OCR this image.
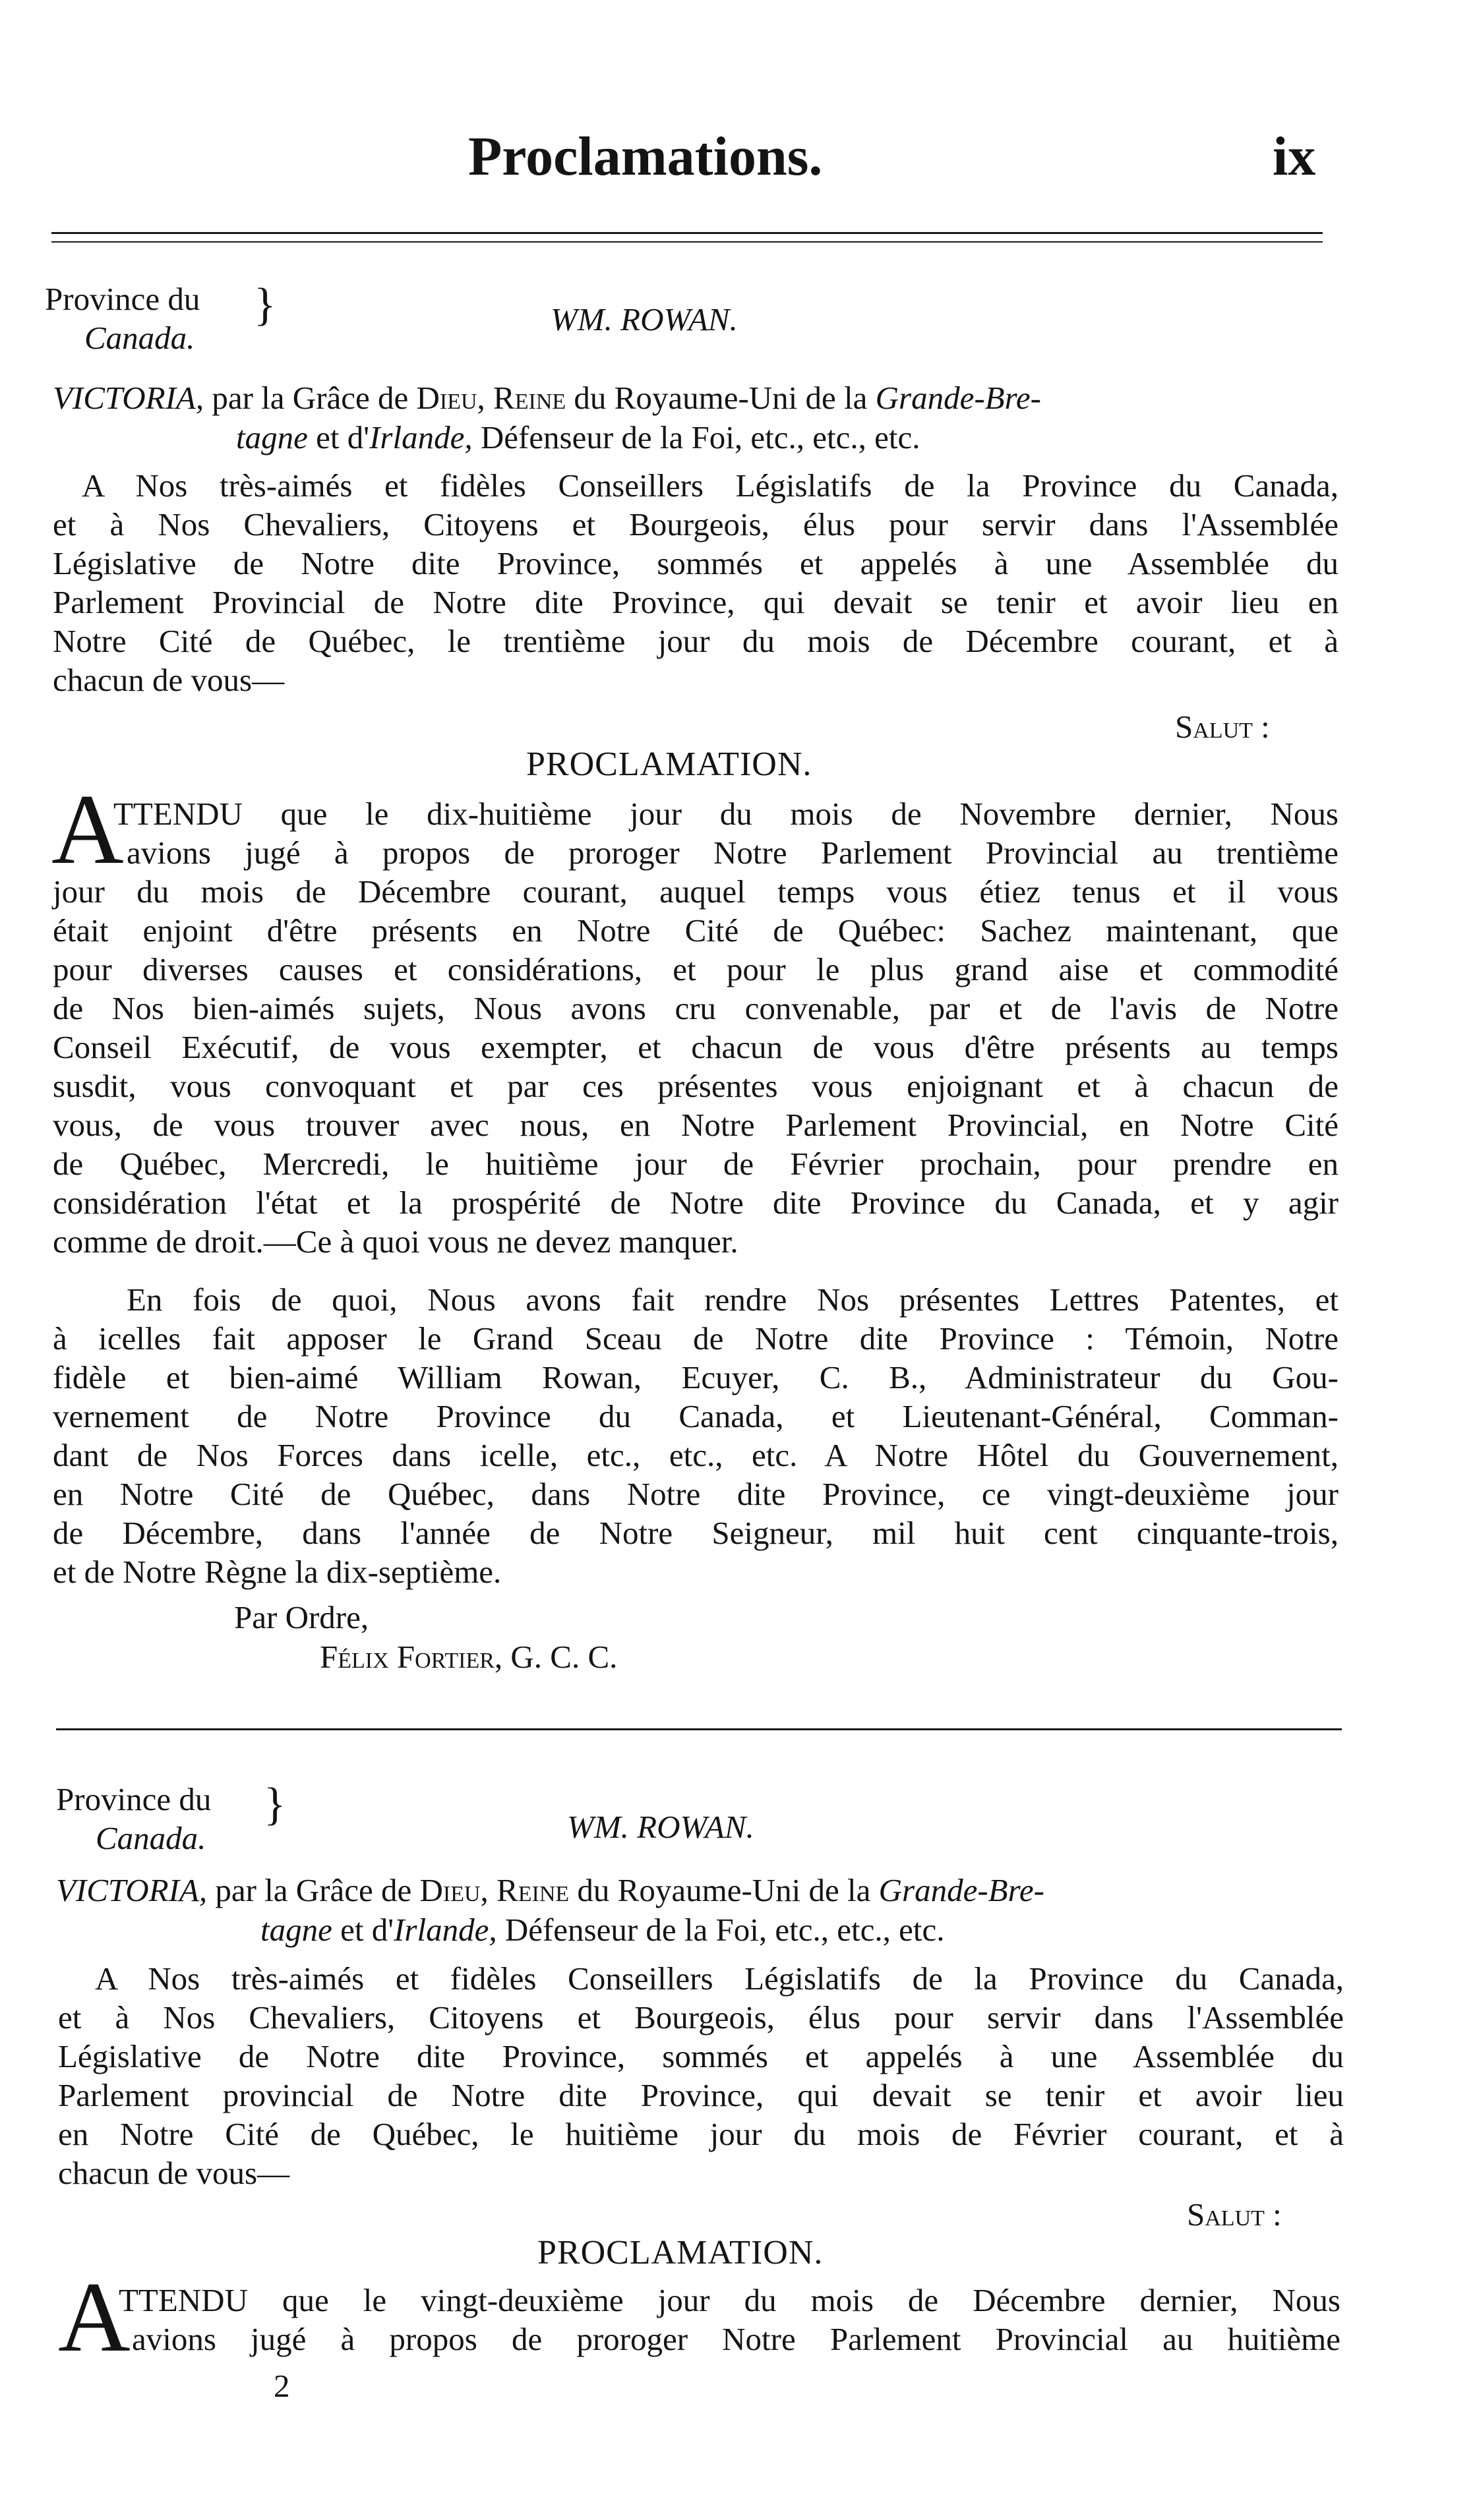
Proclamations.	ix
Province du
Canada.
}	WM. ROWAN.
VICTORIA, par la Grâce de Dieu, Reine du Royaume-Uni de la Grande-Bre-
tagne et d'Irlande, Défenseur de la Foi, etc., etc., etc.
A Nos très-aimés et fidèles Conseillers Législatifs de la Province du Canada,
et à Nos Chevaliers, Citoyens et Bourgeois, élus pour servir dans l'Assemblée
Législative de Notre dite Province, sommés et appelés à une Assemblée du
Parlement Provincial de Notre dite Province, qui devait se tenir et avoir lieu en
Notre Cité de Québec, le trentième jour du mois de Décembre courant, et à
chacun de vous—
Salut :
PROCLAMATION.
A
TTENDU que le dix-huitième jour du mois de Novembre dernier, Nous
avions jugé à propos de proroger Notre Parlement Provincial au trentième
jour du mois de Décembre courant, auquel temps vous étiez tenus et il vous
était enjoint d'être présents en Notre Cité de Québec: Sachez maintenant, que
pour diverses causes et considérations, et pour le plus grand aise et commodité
de Nos bien-aimés sujets, Nous avons cru convenable, par et de l'avis de Notre
Conseil Exécutif, de vous exempter, et chacun de vous d'être présents au temps
susdit, vous convoquant et par ces présentes vous enjoignant et à chacun de
vous, de vous trouver avec nous, en Notre Parlement Provincial, en Notre Cité
de Québec, Mercredi, le huitième jour de Février prochain, pour prendre en
considération l'état et la prospérité de Notre dite Province du Canada, et y agir
comme de droit.—Ce à quoi vous ne devez manquer.
En fois de quoi, Nous avons fait rendre Nos présentes Lettres Patentes, et
à icelles fait apposer le Grand Sceau de Notre dite Province : Témoin, Notre
fidèle et bien-aimé William Rowan, Ecuyer, C. B., Administrateur du Gou-
vernement de Notre Province du Canada, et Lieutenant-Général, Comman-
dant de Nos Forces dans icelle, etc., etc., etc. A Notre Hôtel du Gouvernement,
en Notre Cité de Québec, dans Notre dite Province, ce vingt-deuxième jour
de Décembre, dans l'année de Notre Seigneur, mil huit cent cinquante-trois,
et de Notre Règne la dix-septième.
Par Ordre,
Félix Fortier, G. C. C.
Province du
Canada.
}	WM. ROWAN.
VICTORIA, par la Grâce de Dieu, Reine du Royaume-Uni de la Grande-Bre-
tagne et d'Irlande, Défenseur de la Foi, etc., etc., etc.
A Nos très-aimés et fidèles Conseillers Législatifs de la Province du Canada,
et à Nos Chevaliers, Citoyens et Bourgeois, élus pour servir dans l'Assemblée
Législative de Notre dite Province, sommés et appelés à une Assemblée du
Parlement provincial de Notre dite Province, qui devait se tenir et avoir lieu
en Notre Cité de Québec, le huitième jour du mois de Février courant, et à
chacun de vous—
Salut :
PROCLAMATION.
A
TTENDU que le vingt-deuxième jour du mois de Décembre dernier, Nous
avions jugé à propos de proroger Notre Parlement Provincial au huitième
2
